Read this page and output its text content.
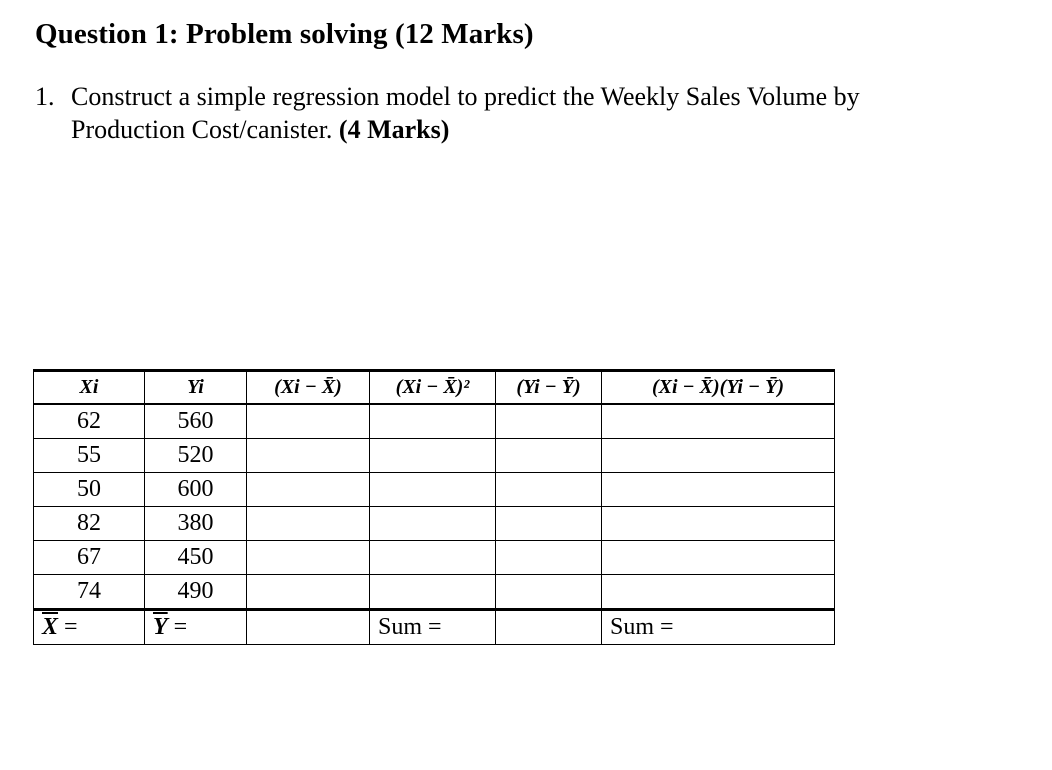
Question 1: Problem solving (12 Marks)
1. Construct a simple regression model to predict the Weekly Sales Volume by
Production Cost/canister. (4 Marks)
Xi	Yi	(Xi − X̄)	(Xi − X̄)²	(Yi − Ȳ)	(Xi − X̄)(Yi − Ȳ)
62	560				
55	520				
50	600				
82	380				
67	450				
74	490				
$\overline{X}$ =	$\overline{Y}$ =		Sum =		Sum =
